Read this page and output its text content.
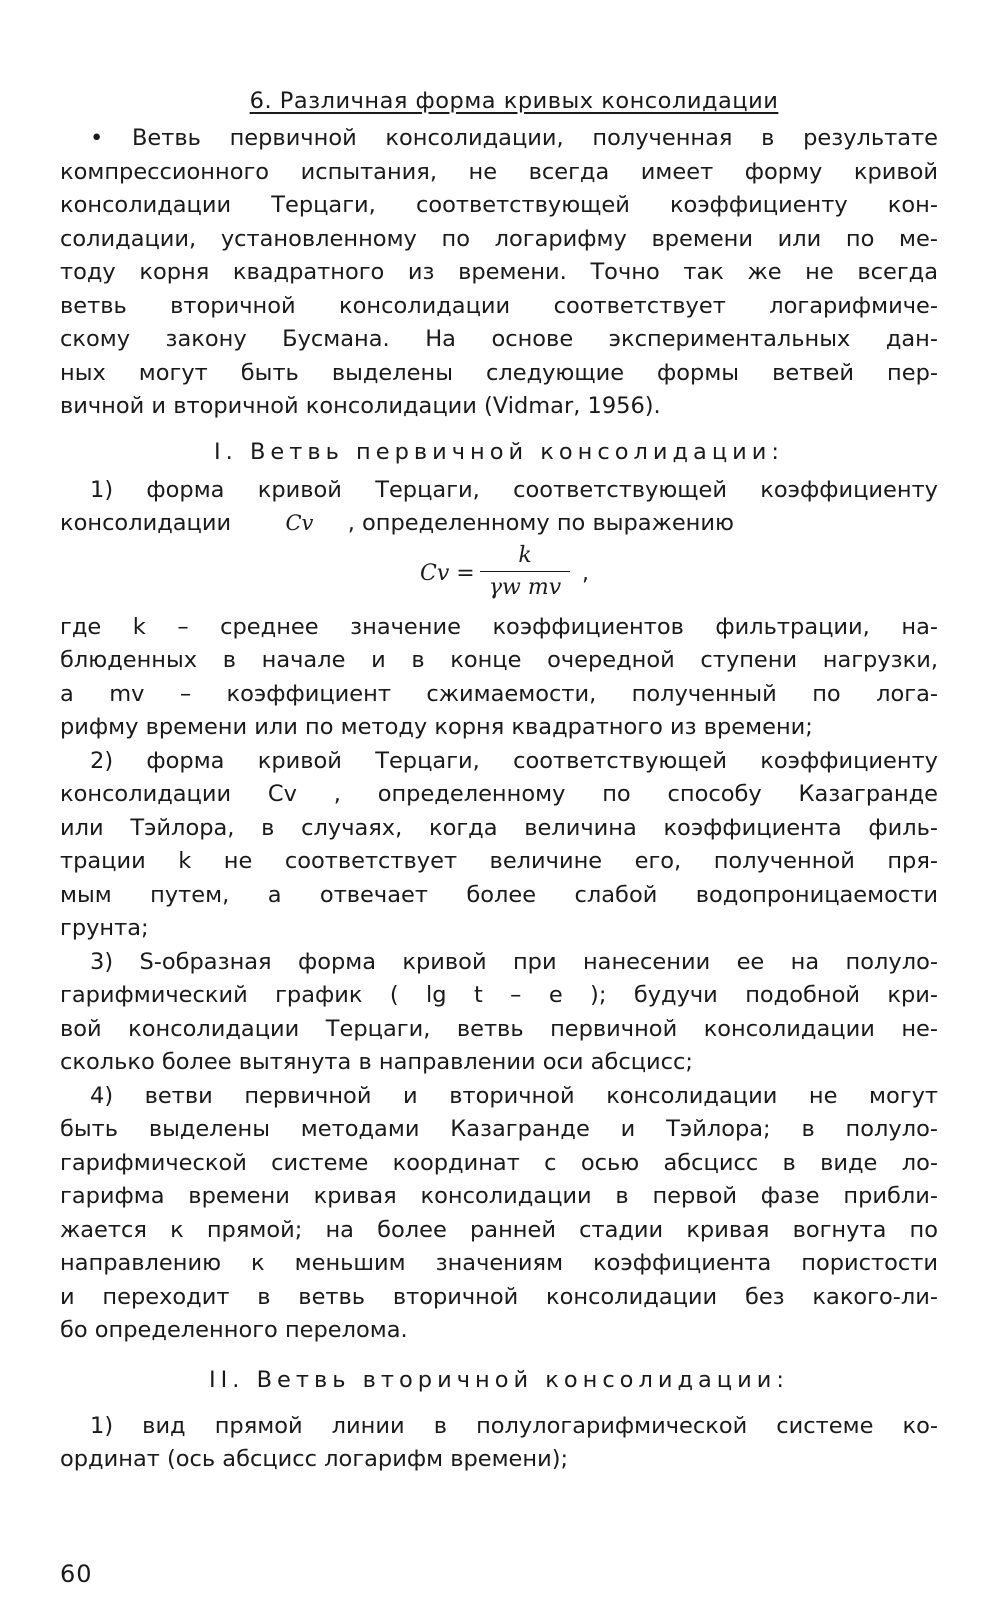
6. Различная форма кривых консолидации
• Ветвь первичной консолидации, полученная в результате
компрессионного испытания, не всегда имеет форму кривой
консолидации Терцаги, соответствующей коэффициенту кон-
солидации, установленному по логарифму времени или по ме-
тоду корня квадратного из времени. Точно так же не всегда
ветвь вторичной консолидации соответствует логарифмиче-
скому закону Бусмана. На основе экспериментальных дан-
ных могут быть выделены следующие формы ветвей пер-
вичной и вторичной консолидации (Vidmar, 1956).
I. Ветвь первичной консолидации:
1) форма кривой Терцаги, соответствующей коэффициенту
консолидации	Cv , определенному по выражению
$Cv = \frac{k}{\text{γw mv}}$ ,
где k – среднее значение коэффициентов фильтрации, на-
блюденных в начале и в конце очередной ступени нагрузки,
а mv – коэффициент сжимаемости, полученный по лога-
рифму времени или по методу корня квадратного из времени;
2) форма кривой Терцаги, соответствующей коэффициенту
консолидации Cv , определенному по способу Казагранде
или Тэйлора, в случаях, когда величина коэффициента филь-
трации k не соответствует величине его, полученной пря-
мым путем, а отвечает более слабой водопроницаемости
грунта;
3) S-образная форма кривой при нанесении ее на полуло-
гарифмический график ( lg t – e ); будучи подобной кри-
вой консолидации Терцаги, ветвь первичной консолидации не-
сколько более вытянута в направлении оси абсцисс;
4) ветви первичной и вторичной консолидации не могут
быть выделены методами Казагранде и Тэйлора; в полуло-
гарифмической системе координат с осью абсцисс в виде ло-
гарифма времени кривая консолидации в первой фазе прибли-
жается к прямой; на более ранней стадии кривая вогнута по
направлению к меньшим значениям коэффициента пористости
и переходит в ветвь вторичной консолидации без какого-ли-
бо определенного перелома.
II. Ветвь вторичной консолидации:
1) вид прямой линии в полулогарифмической системе ко-
ординат (ось абсцисс логарифм времени);
60
